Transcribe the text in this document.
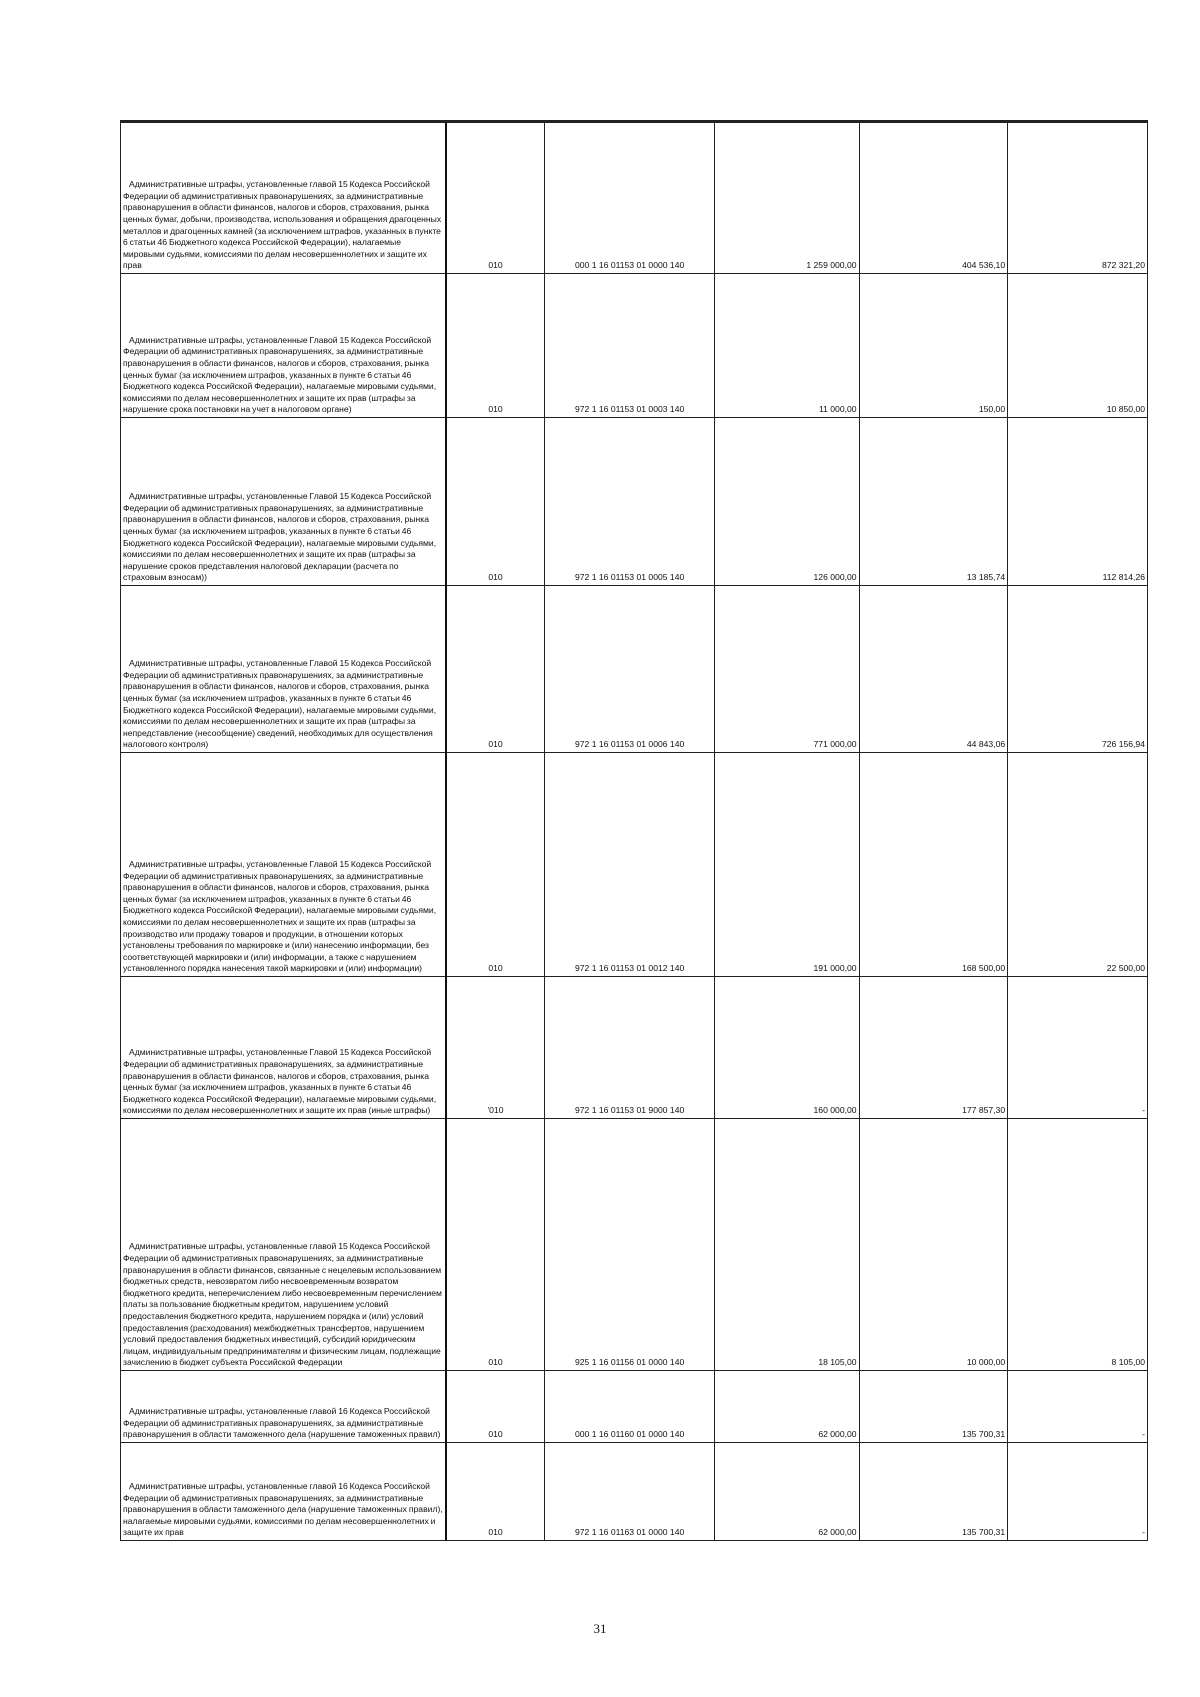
Административные штрафы, установленные главой 15 Кодекса Российской Федерации об административных правонарушениях, за административные правонарушения в области финансов, налогов и сборов, страхования, рынка ценных бумаг, добычи, производства, использования и обращения драгоценных металлов и драгоценных камней (за исключением штрафов, указанных в пункте 6 статьи 46 Бюджетного кодекса Российской Федерации), налагаемые мировыми судьями, комиссиями по делам несовершеннолетних и защите их прав	010	000 1 16 01153 01 0000 140	1 259 000,00	404 536,10	872 321,20

Административные штрафы, установленные Главой 15 Кодекса Российской Федерации об административных правонарушениях, за административные правонарушения в области финансов, налогов и сборов, страхования, рынка ценных бумаг (за исключением штрафов, указанных в пункте 6 статьи 46 Бюджетного кодекса Российской Федерации), налагаемые мировыми судьями, комиссиями по делам несовершеннолетних и защите их прав (штрафы за нарушение срока постановки на учет в налоговом органе)	010	972 1 16 01153 01 0003 140	11 000,00	150,00	10 850,00

Административные штрафы, установленные Главой 15 Кодекса Российской Федерации об административных правонарушениях, за административные правонарушения в области финансов, налогов и сборов, страхования, рынка ценных бумаг (за исключением штрафов, указанных в пункте 6 статьи 46 Бюджетного кодекса Российской Федерации), налагаемые мировыми судьями, комиссиями по делам несовершеннолетних и защите их прав (штрафы за нарушение сроков представления налоговой декларации (расчета по страховым взносам))	010	972 1 16 01153 01 0005 140	126 000,00	13 185,74	112 814,26

Административные штрафы, установленные Главой 15 Кодекса Российской Федерации об административных правонарушениях, за административные правонарушения в области финансов, налогов и сборов, страхования, рынка ценных бумаг (за исключением штрафов, указанных в пункте 6 статьи 46 Бюджетного кодекса Российской Федерации), налагаемые мировыми судьями, комиссиями по делам несовершеннолетних и защите их прав (штрафы за непредставление (несообщение) сведений, необходимых для осуществления налогового контроля)	010	972 1 16 01153 01 0006 140	771 000,00	44 843,06	726 156,94

Административные штрафы, установленные Главой 15 Кодекса Российской Федерации об административных правонарушениях, за административные правонарушения в области финансов, налогов и сборов, страхования, рынка ценных бумаг (за исключением штрафов, указанных в пункте 6 статьи 46 Бюджетного кодекса Российской Федерации), налагаемые мировыми судьями, комиссиями по делам несовершеннолетних и защите их прав (штрафы за производство или продажу товаров и продукции, в отношении которых установлены требования по маркировке и (или) нанесению информации, без соответствующей маркировки и (или) информации, а также с нарушением установленного порядка нанесения такой маркировки и (или) информации)	010	972 1 16 01153 01 0012 140	191 000,00	168 500,00	22 500,00

Административные штрафы, установленные Главой 15 Кодекса Российской Федерации об административных правонарушениях, за административные правонарушения в области финансов, налогов и сборов, страхования, рынка ценных бумаг (за исключением штрафов, указанных в пункте 6 статьи 46 Бюджетного кодекса Российской Федерации), налагаемые мировыми судьями, комиссиями по делам несовершеннолетних и защите их прав (иные штрафы)	'010	972 1 16 01153 01 9000 140	160 000,00	177 857,30	-

Административные штрафы, установленные главой 15 Кодекса Российской Федерации об административных правонарушениях, за административные правонарушения в области финансов, связанные с нецелевым использованием бюджетных средств, невозвратом либо несвоевременным возвратом бюджетного кредита, неперечислением либо несвоевременным перечислением платы за пользование бюджетным кредитом, нарушением условий предоставления бюджетного кредита, нарушением порядка и (или) условий предоставления (расходования) межбюджетных трансфертов, нарушением условий предоставления бюджетных инвестиций, субсидий юридическим лицам, индивидуальным предпринимателям и физическим лицам, подлежащие зачислению в бюджет субъекта Российской Федерации	010	925 1 16 01156 01 0000 140	18 105,00	10 000,00	8 105,00

Административные штрафы, установленные главой 16 Кодекса Российской Федерации об административных правонарушениях, за административные правонарушения в области таможенного дела (нарушение таможенных правил)	010	000 1 16 01160 01 0000 140	62 000,00	135 700,31	-

Административные штрафы, установленные главой 16 Кодекса Российской Федерации об административных правонарушениях, за административные правонарушения в области таможенного дела (нарушение таможенных правил), налагаемые мировыми судьями, комиссиями по делам несовершеннолетних и защите их прав	010	972 1 16 01163 01 0000 140	62 000,00	135 700,31	-
31
